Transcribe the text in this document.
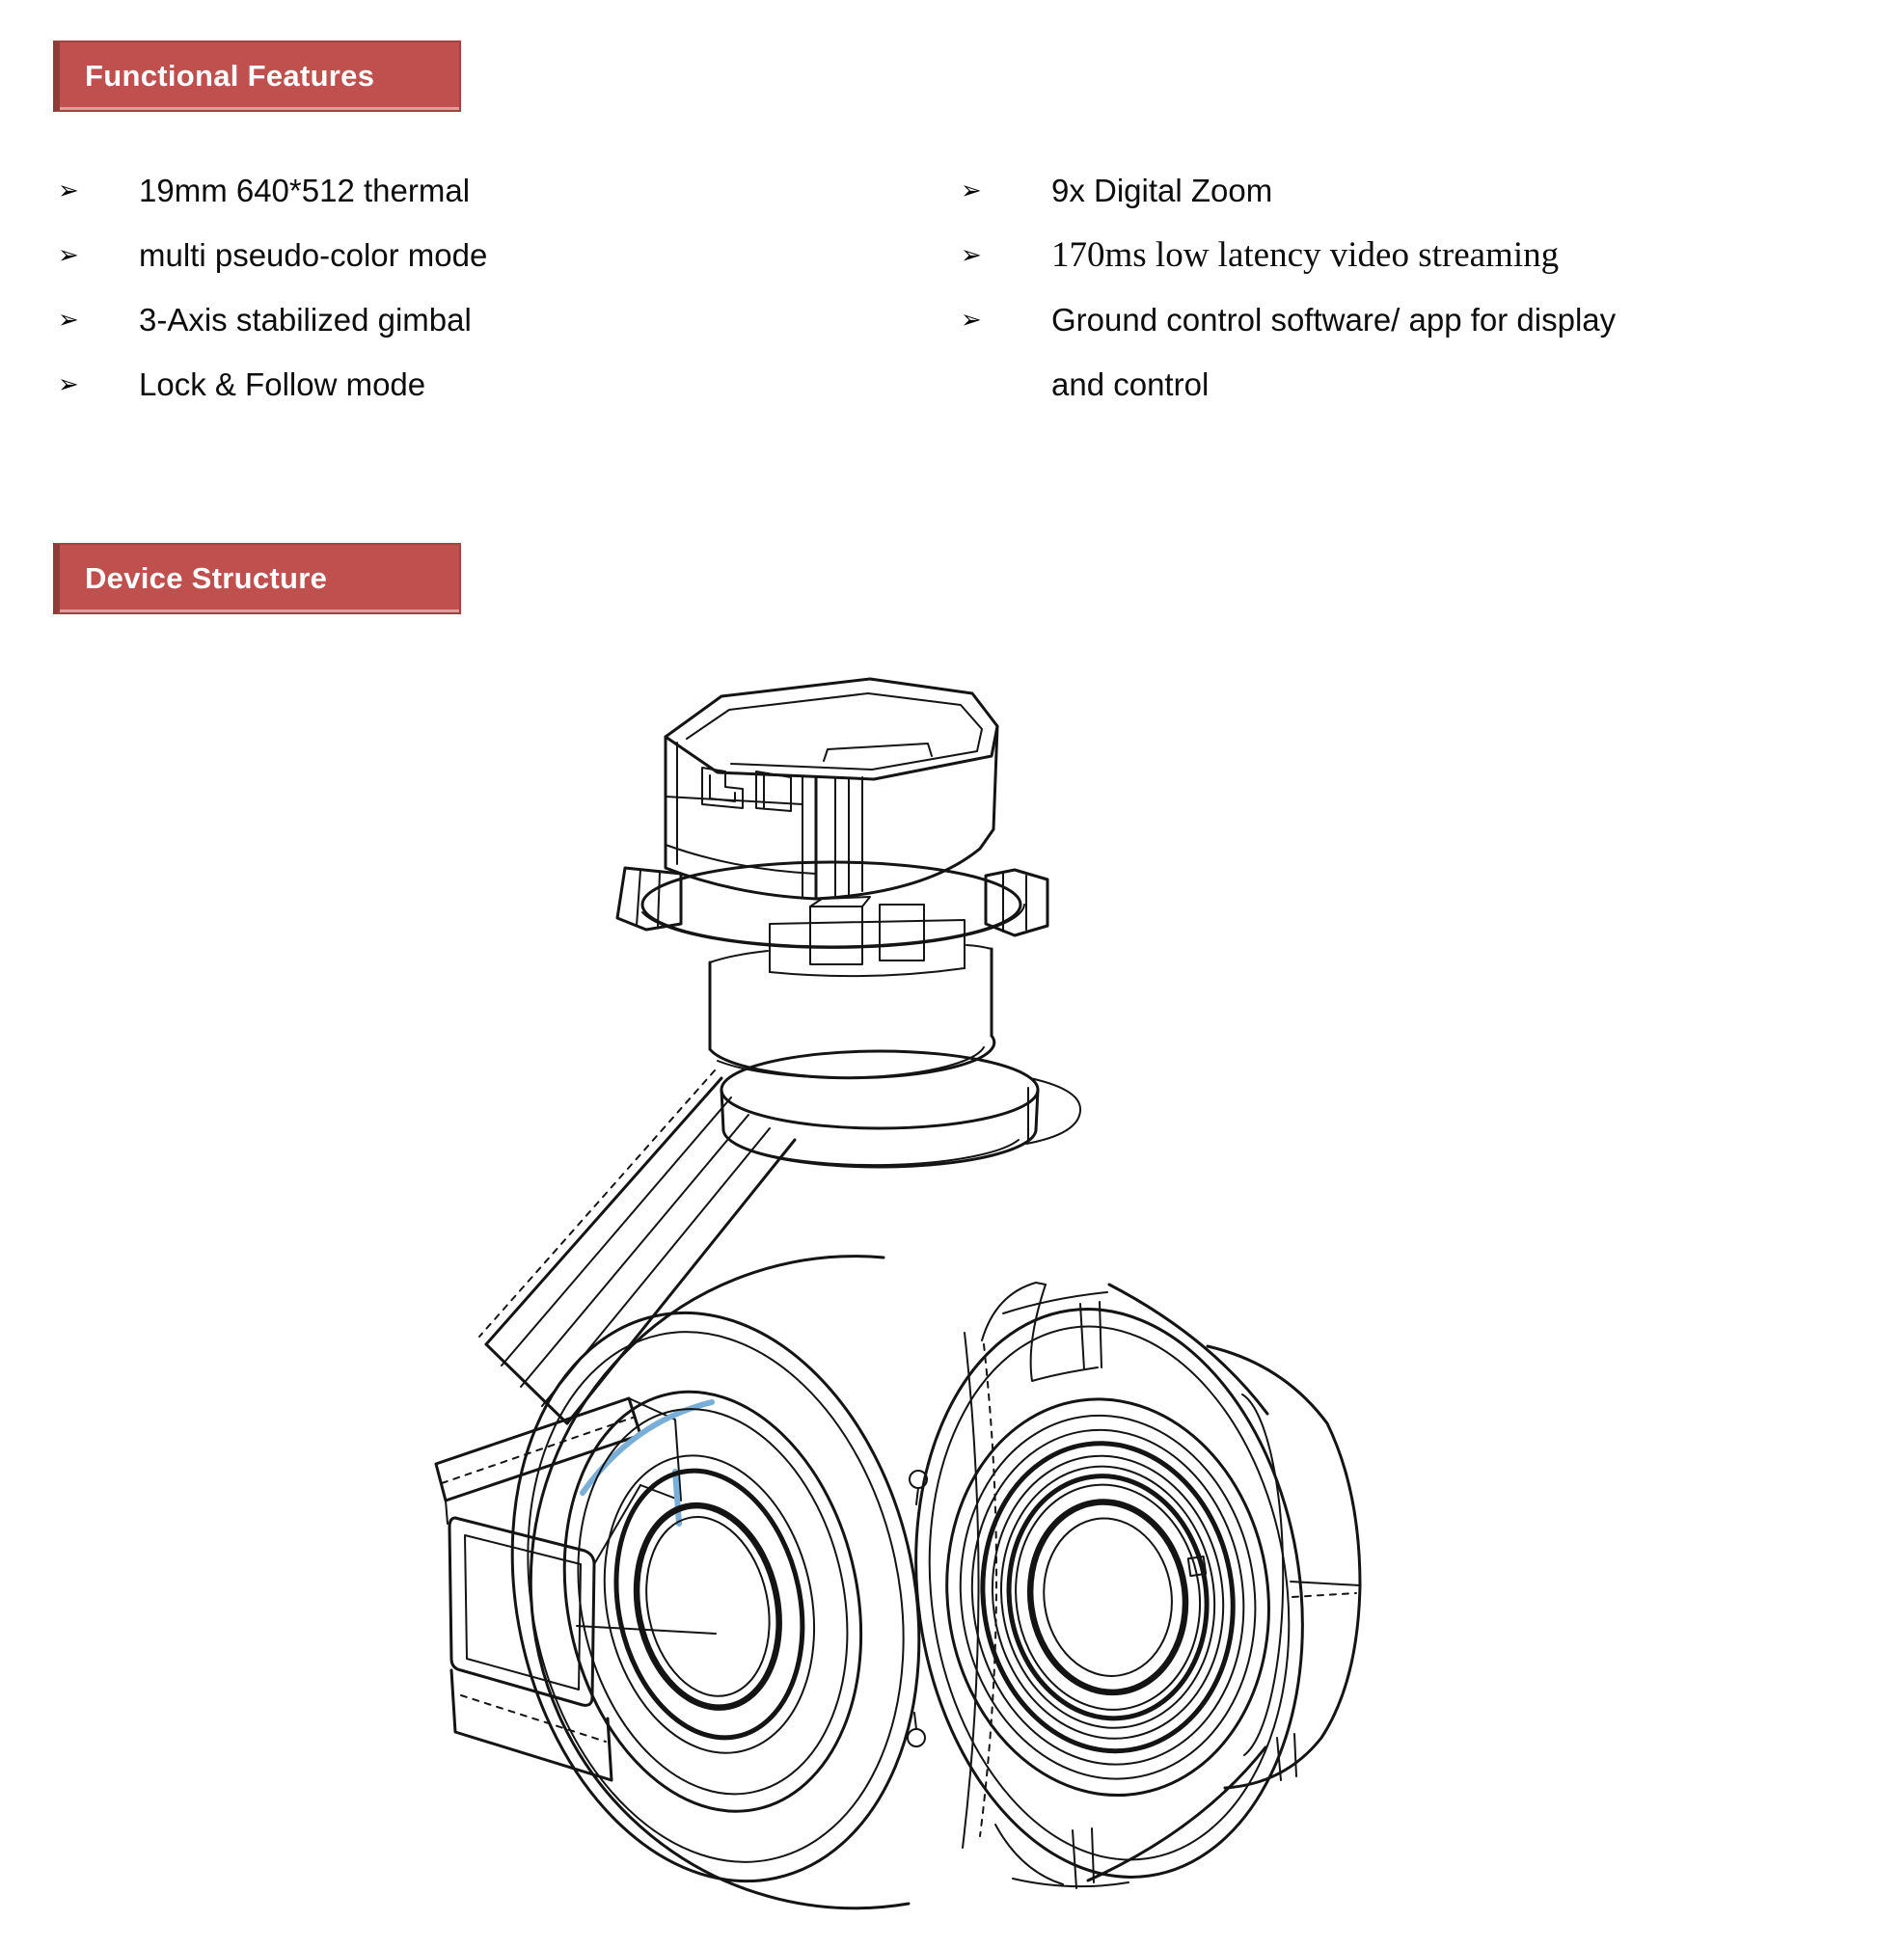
Functional Features
➢	19mm 640*512 thermal
➢	multi pseudo-color mode
➢	3-Axis stabilized gimbal
➢	Lock & Follow mode
➢	9x Digital Zoom
➢	170ms low latency video streaming
➢	Ground control software/ app for display
and control
Device Structure
